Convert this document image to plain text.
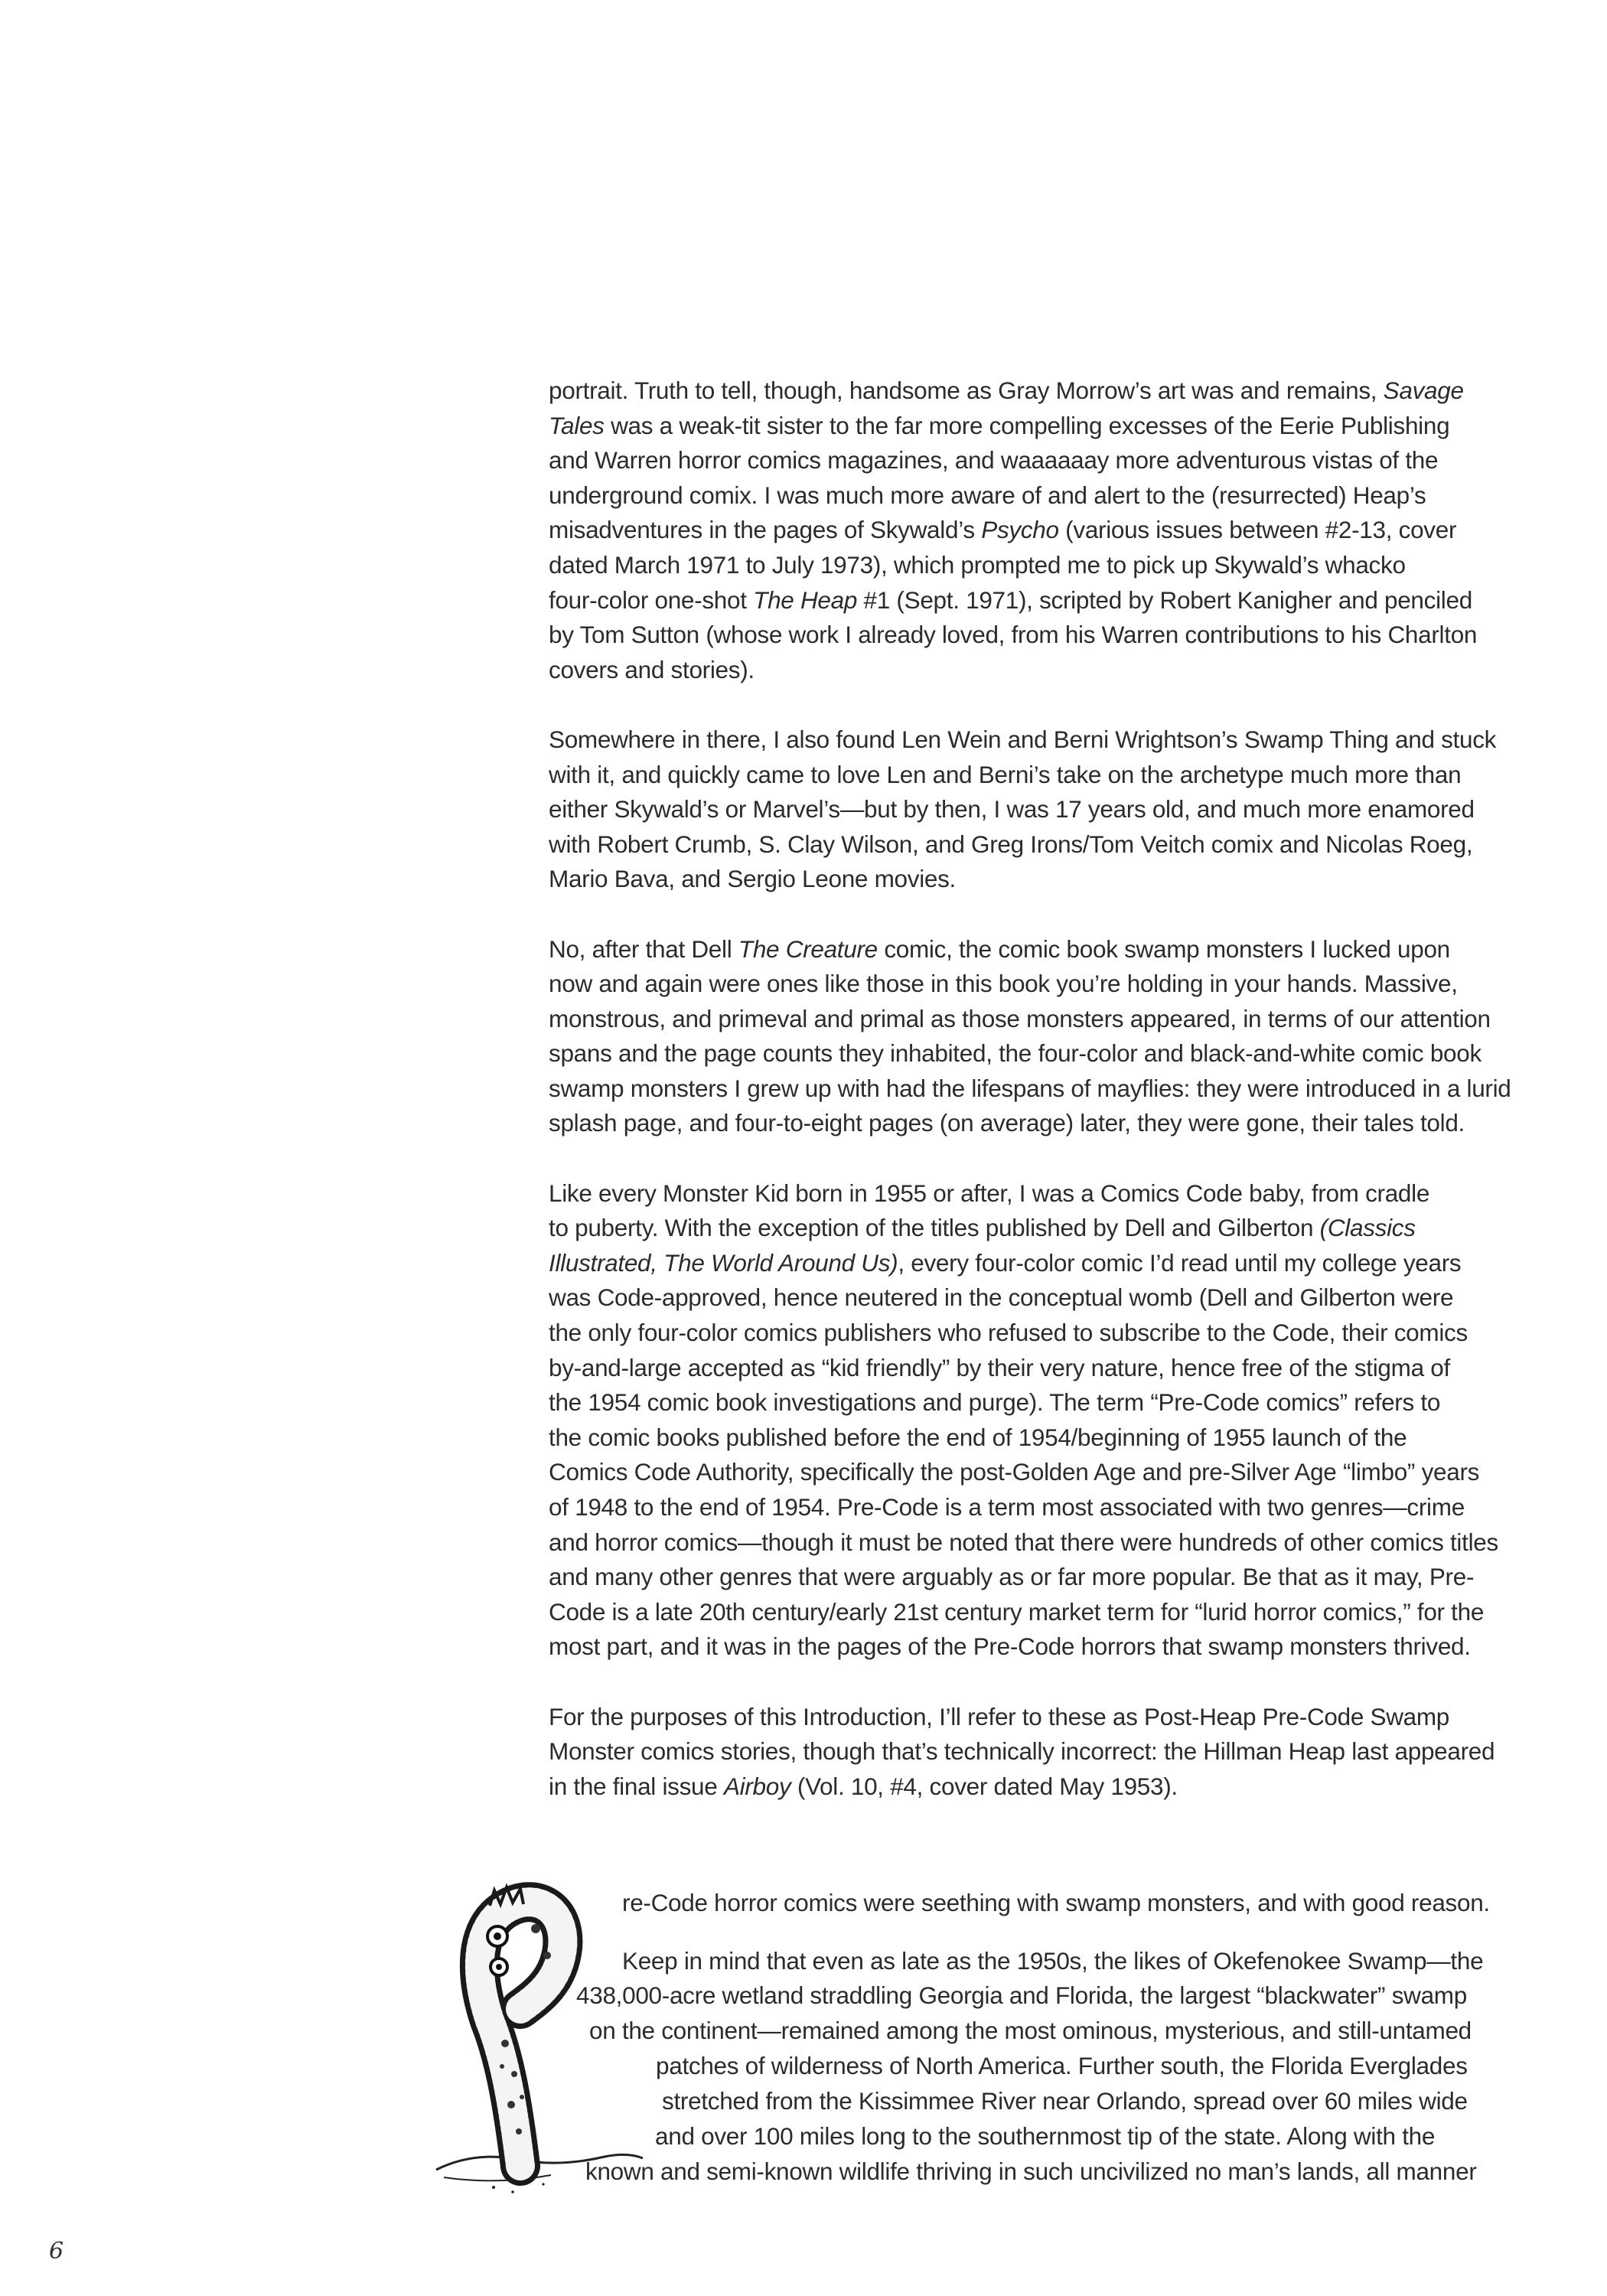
portrait. Truth to tell, though, handsome as Gray Morrow’s art was and remains, Savage
Tales was a weak-tit sister to the far more compelling excesses of the Eerie Publishing
and Warren horror comics magazines, and waaaaaay more adventurous vistas of the
underground comix. I was much more aware of and alert to the (resurrected) Heap’s
misadventures in the pages of Skywald’s Psycho (various issues between #2-13, cover
dated March 1971 to July 1973), which prompted me to pick up Skywald’s whacko
four-color one-shot The Heap #1 (Sept. 1971), scripted by Robert Kanigher and penciled
by Tom Sutton (whose work I already loved, from his Warren contributions to his Charlton
covers and stories).
Somewhere in there, I also found Len Wein and Berni Wrightson’s Swamp Thing and stuck
with it, and quickly came to love Len and Berni’s take on the archetype much more than
either Skywald’s or Marvel’s—but by then, I was 17 years old, and much more enamored
with Robert Crumb, S. Clay Wilson, and Greg Irons/Tom Veitch comix and Nicolas Roeg,
Mario Bava, and Sergio Leone movies.
No, after that Dell The Creature comic, the comic book swamp monsters I lucked upon
now and again were ones like those in this book you’re holding in your hands. Massive,
monstrous, and primeval and primal as those monsters appeared, in terms of our attention
spans and the page counts they inhabited, the four-color and black-and-white comic book
swamp monsters I grew up with had the lifespans of mayflies: they were introduced in a lurid
splash page, and four-to-eight pages (on average) later, they were gone, their tales told.
Like every Monster Kid born in 1955 or after, I was a Comics Code baby, from cradle
to puberty. With the exception of the titles published by Dell and Gilberton (Classics
Illustrated, The World Around Us), every four-color comic I’d read until my college years
was Code-approved, hence neutered in the conceptual womb (Dell and Gilberton were
the only four-color comics publishers who refused to subscribe to the Code, their comics
by-and-large accepted as “kid friendly” by their very nature, hence free of the stigma of
the 1954 comic book investigations and purge). The term “Pre-Code comics” refers to
the comic books published before the end of 1954/beginning of 1955 launch of the
Comics Code Authority, specifically the post-Golden Age and pre-Silver Age “limbo” years
of 1948 to the end of 1954. Pre-Code is a term most associated with two genres—crime
and horror comics—though it must be noted that there were hundreds of other comics titles
and many other genres that were arguably as or far more popular. Be that as it may, Pre-
Code is a late 20th century/early 21st century market term for “lurid horror comics,” for the
most part, and it was in the pages of the Pre-Code horrors that swamp monsters thrived.
For the purposes of this Introduction, I’ll refer to these as Post-Heap Pre-Code Swamp
Monster comics stories, though that’s technically incorrect: the Hillman Heap last appeared
in the final issue Airboy (Vol. 10, #4, cover dated May 1953).
re-Code horror comics were seething with swamp monsters, and with good reason.
Keep in mind that even as late as the 1950s, the likes of Okefenokee Swamp—the
438,000-acre wetland straddling Georgia and Florida, the largest “blackwater” swamp
on the continent—remained among the most ominous, mysterious, and still-untamed
patches of wilderness of North America. Further south, the Florida Everglades
stretched from the Kissimmee River near Orlando, spread over 60 miles wide
and over 100 miles long to the southernmost tip of the state. Along with the
known and semi-known wildlife thriving in such uncivilized no man’s lands, all manner
6
